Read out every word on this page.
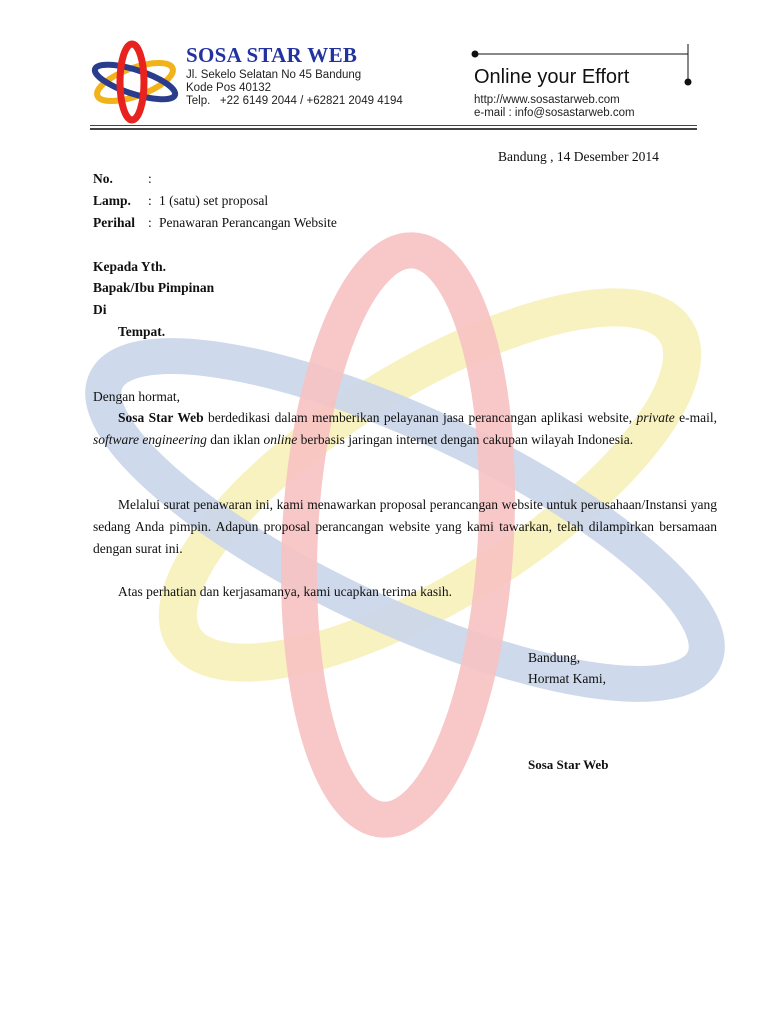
SOSA STAR WEB
Jl. Sekelo Selatan No 45 Bandung
Kode Pos 40132
Telp.   +22 6149 2044 / +62821 2049 4194
Online your Effort
http://www.sosastarweb.com
e-mail : info@sosastarweb.com
Bandung , 14 Desember 2014
No.	:
Lamp. : 1 (satu) set proposal
Perihal : Penawaran Perancangan Website
Kepada Yth.
Bapak/Ibu Pimpinan
Di
Tempat.
Dengan hormat,
Sosa Star Web berdedikasi dalam memberikan pelayanan jasa perancangan aplikasi website, private e-mail, software engineering dan iklan online berbasis jaringan internet dengan cakupan wilayah Indonesia.
Melalui surat penawaran ini, kami menawarkan proposal perancangan website untuk perusahaan/Instansi yang sedang Anda pimpin. Adapun proposal perancangan website yang kami tawarkan, telah dilampirkan bersamaan dengan surat ini.
Atas perhatian dan kerjasamanya, kami ucapkan terima kasih.
Bandung,
Hormat Kami,
Sosa Star Web
